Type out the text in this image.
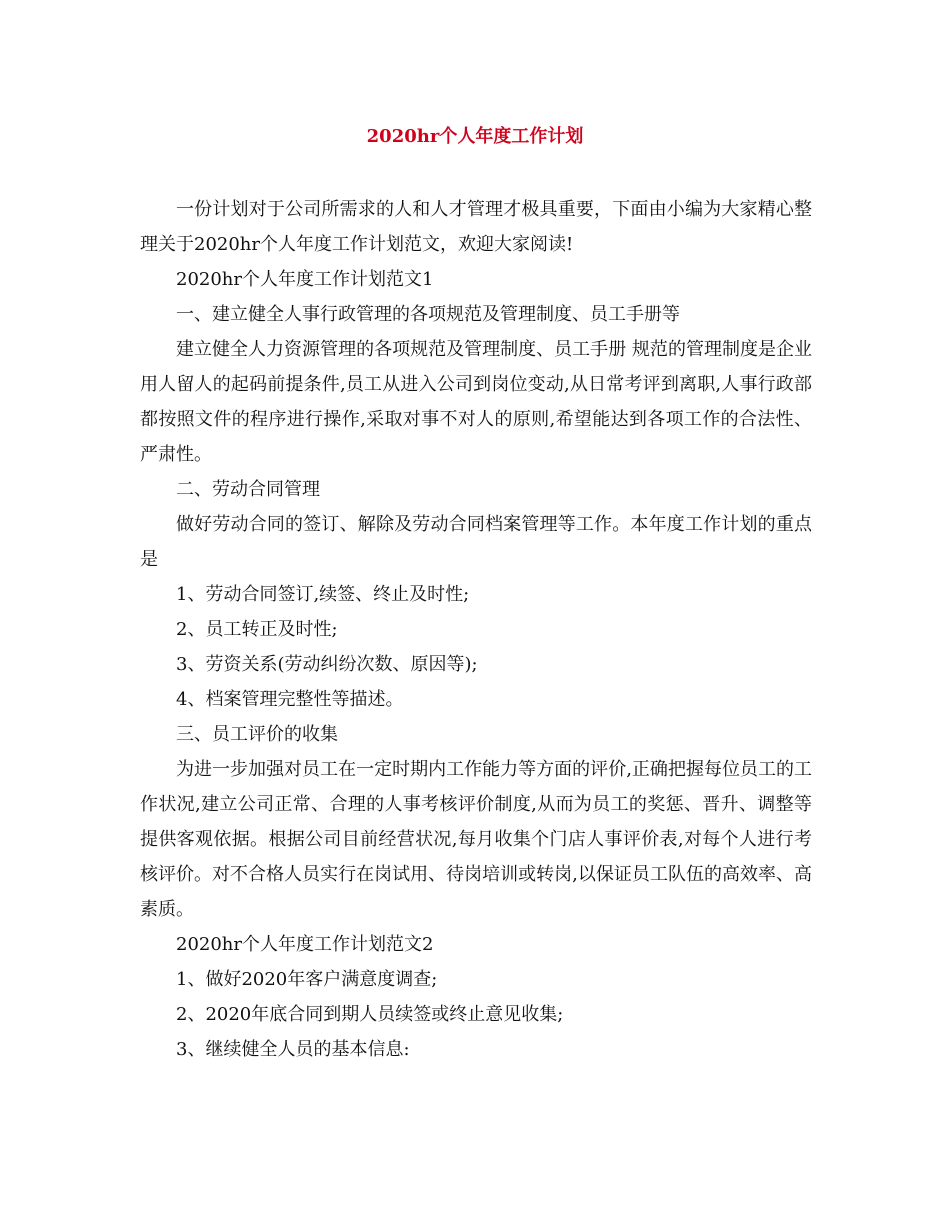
2020hr个人年度工作计划

一份计划对于公司所需求的人和人才管理才极具重要，下面由小编为大家精心整理关于2020hr个人年度工作计划范文，欢迎大家阅读!

2020hr个人年度工作计划范文1

一、建立健全人事行政管理的各项规范及管理制度、员工手册等

建立健全人力资源管理的各项规范及管理制度、员工手册 规范的管理制度是企业用人留人的起码前提条件,员工从进入公司到岗位变动,从日常考评到离职,人事行政部都按照文件的程序进行操作,采取对事不对人的原则,希望能达到各项工作的合法性、严肃性。

二、劳动合同管理

做好劳动合同的签订、解除及劳动合同档案管理等工作。本年度工作计划的重点是

1、劳动合同签订,续签、终止及时性;

2、员工转正及时性;

3、劳资关系(劳动纠纷次数、原因等);

4、档案管理完整性等描述。

三、员工评价的收集

为进一步加强对员工在一定时期内工作能力等方面的评价,正确把握每位员工的工作状况,建立公司正常、合理的人事考核评价制度,从而为员工的奖惩、晋升、调整等提供客观依据。根据公司目前经营状况,每月收集个门店人事评价表,对每个人进行考核评价。对不合格人员实行在岗试用、待岗培训或转岗,以保证员工队伍的高效率、高素质。

2020hr个人年度工作计划范文2

1、做好2020年客户满意度调查;

2、2020年底合同到期人员续签或终止意见收集;

3、继续健全人员的基本信息:
